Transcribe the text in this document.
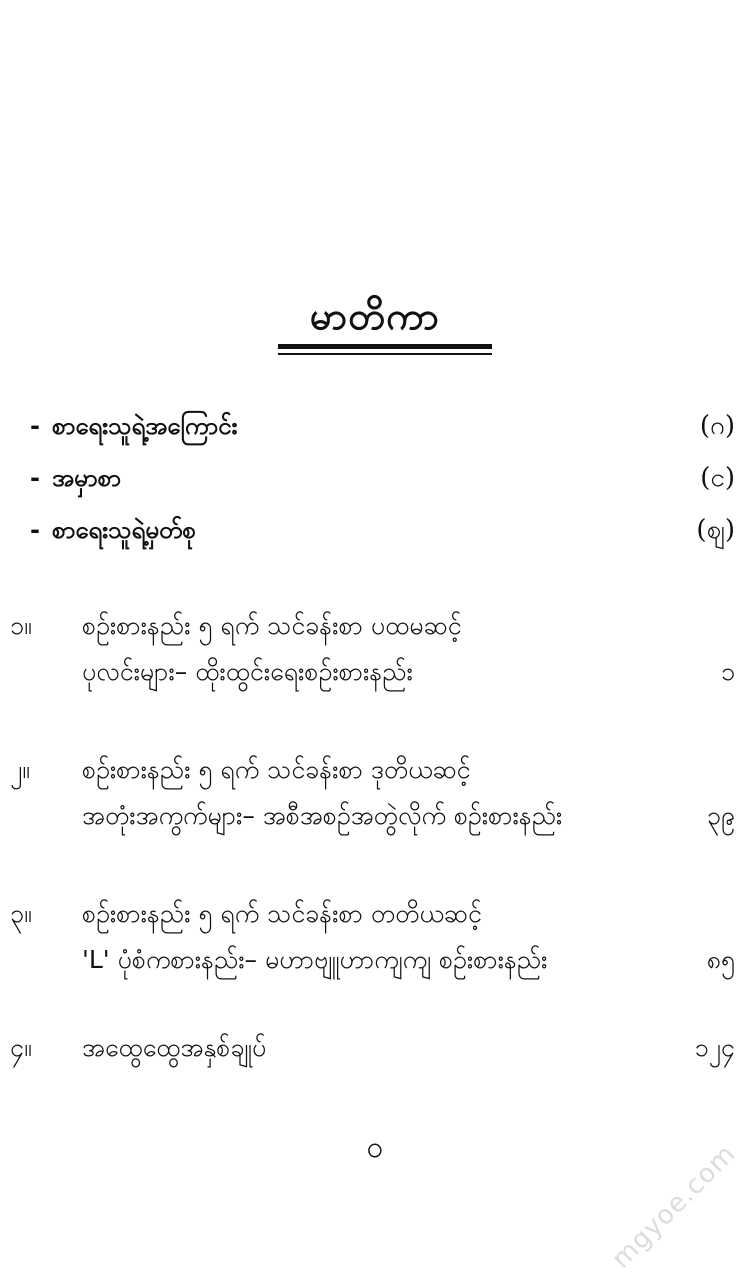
မာတိကာ
- စာရေးသူရဲ့အကြောင်း	(ဂ)
- အမှာစာ	(င)
- စာရေးသူရဲ့မှတ်စု	(ဈ)
၁။	စဉ်းစားနည်း ၅ ရက် သင်ခန်းစာ ပထမဆင့်
ပုလင်းများ– ထိုးထွင်းရေးစဉ်းစားနည်း	၁
၂။	စဉ်းစားနည်း ၅ ရက် သင်ခန်းစာ ဒုတိယဆင့်
အတုံးအကွက်များ– အစီအစဉ်အတွဲလိုက် စဉ်းစားနည်း	၃၉
၃။	စဉ်းစားနည်း ၅ ရက် သင်ခန်းစာ တတိယဆင့်
'L' ပုံစံကစားနည်း– မဟာဗျူဟာကျကျ စဉ်းစားနည်း	၈၅
၄။	အထွေထွေအနှစ်ချုပ်	၁၂၄
ဝ	mgyoe.com
